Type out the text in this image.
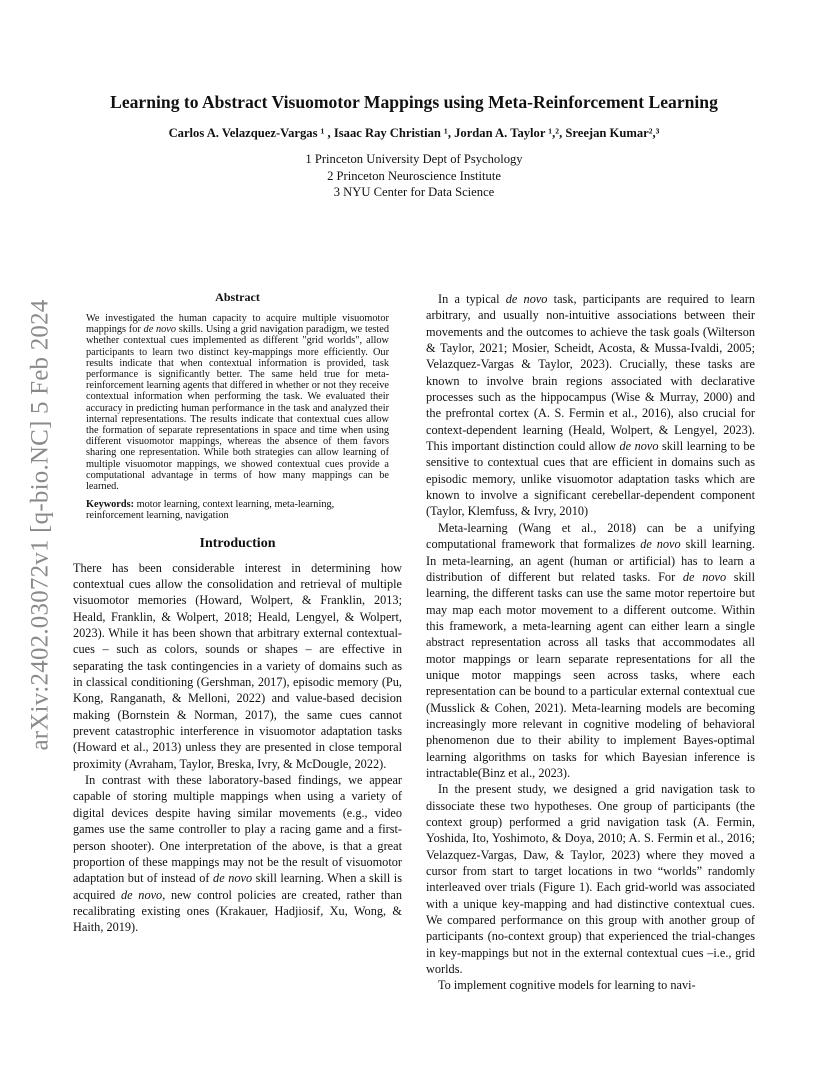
arXiv:2402.03072v1 [q-bio.NC] 5 Feb 2024
Learning to Abstract Visuomotor Mappings using Meta-Reinforcement Learning
Carlos A. Velazquez-Vargas ¹ , Isaac Ray Christian ¹, Jordan A. Taylor ¹,², Sreejan Kumar²,³
1 Princeton University Dept of Psychology
2 Princeton Neuroscience Institute
3 NYU Center for Data Science
Abstract
We investigated the human capacity to acquire multiple visuomotor mappings for de novo skills. Using a grid navigation paradigm, we tested whether contextual cues implemented as different "grid worlds", allow participants to learn two distinct key-mappings more efficiently. Our results indicate that when contextual information is provided, task performance is significantly better. The same held true for meta-reinforcement learning agents that differed in whether or not they receive contextual information when performing the task. We evaluated their accuracy in predicting human performance in the task and analyzed their internal representations. The results indicate that contextual cues allow the formation of separate representations in space and time when using different visuomotor mappings, whereas the absence of them favors sharing one representation. While both strategies can allow learning of multiple visuomotor mappings, we showed contextual cues provide a computational advantage in terms of how many mappings can be learned.
Keywords: motor learning, context learning, meta-learning, reinforcement learning, navigation
Introduction

There has been considerable interest in determining how contextual cues allow the consolidation and retrieval of multiple visuomotor memories (Howard, Wolpert, & Franklin, 2013; Heald, Franklin, & Wolpert, 2018; Heald, Lengyel, & Wolpert, 2023). While it has been shown that arbitrary external contextual-cues – such as colors, sounds or shapes – are effective in separating the task contingencies in a variety of domains such as in classical conditioning (Gershman, 2017), episodic memory (Pu, Kong, Ranganath, & Melloni, 2022) and value-based decision making (Bornstein & Norman, 2017), the same cues cannot prevent catastrophic interference in visuomotor adaptation tasks (Howard et al., 2013) unless they are presented in close temporal proximity (Avraham, Taylor, Breska, Ivry, & McDougle, 2022).

In contrast with these laboratory-based findings, we appear capable of storing multiple mappings when using a variety of digital devices despite having similar movements (e.g., video games use the same controller to play a racing game and a first-person shooter). One interpretation of the above, is that a great proportion of these mappings may not be the result of visuomotor adaptation but of instead of de novo skill learning. When a skill is acquired de novo, new control policies are created, rather than recalibrating existing ones (Krakauer, Hadjiosif, Xu, Wong, & Haith, 2019).

In a typical de novo task, participants are required to learn arbitrary, and usually non-intuitive associations between their movements and the outcomes to achieve the task goals (Wilterson & Taylor, 2021; Mosier, Scheidt, Acosta, & Mussa-Ivaldi, 2005; Velazquez-Vargas & Taylor, 2023). Crucially, these tasks are known to involve brain regions associated with declarative processes such as the hippocampus (Wise & Murray, 2000) and the prefrontal cortex (A. S. Fermin et al., 2016), also crucial for context-dependent learning (Heald, Wolpert, & Lengyel, 2023). This important distinction could allow de novo skill learning to be sensitive to contextual cues that are efficient in domains such as episodic memory, unlike visuomotor adaptation tasks which are known to involve a significant cerebellar-dependent component (Taylor, Klemfuss, & Ivry, 2010)

Meta-learning (Wang et al., 2018) can be a unifying computational framework that formalizes de novo skill learning. In meta-learning, an agent (human or artificial) has to learn a distribution of different but related tasks. For de novo skill learning, the different tasks can use the same motor repertoire but may map each motor movement to a different outcome. Within this framework, a meta-learning agent can either learn a single abstract representation across all tasks that accommodates all motor mappings or learn separate representations for all the unique motor mappings seen across tasks, where each representation can be bound to a particular external contextual cue (Musslick & Cohen, 2021). Meta-learning models are becoming increasingly more relevant in cognitive modeling of behavioral phenomenon due to their ability to implement Bayes-optimal learning algorithms on tasks for which Bayesian inference is intractable(Binz et al., 2023).

In the present study, we designed a grid navigation task to dissociate these two hypotheses. One group of participants (the context group) performed a grid navigation task (A. Fermin, Yoshida, Ito, Yoshimoto, & Doya, 2010; A. S. Fermin et al., 2016; Velazquez-Vargas, Daw, & Taylor, 2023) where they moved a cursor from start to target locations in two “worlds” randomly interleaved over trials (Figure 1). Each grid-world was associated with a unique key-mapping and had distinctive contextual cues. We compared performance on this group with another group of participants (no-context group) that experienced the trial-changes in key-mappings but not in the external contextual cues –i.e., grid worlds.

To implement cognitive models for learning to navi-
